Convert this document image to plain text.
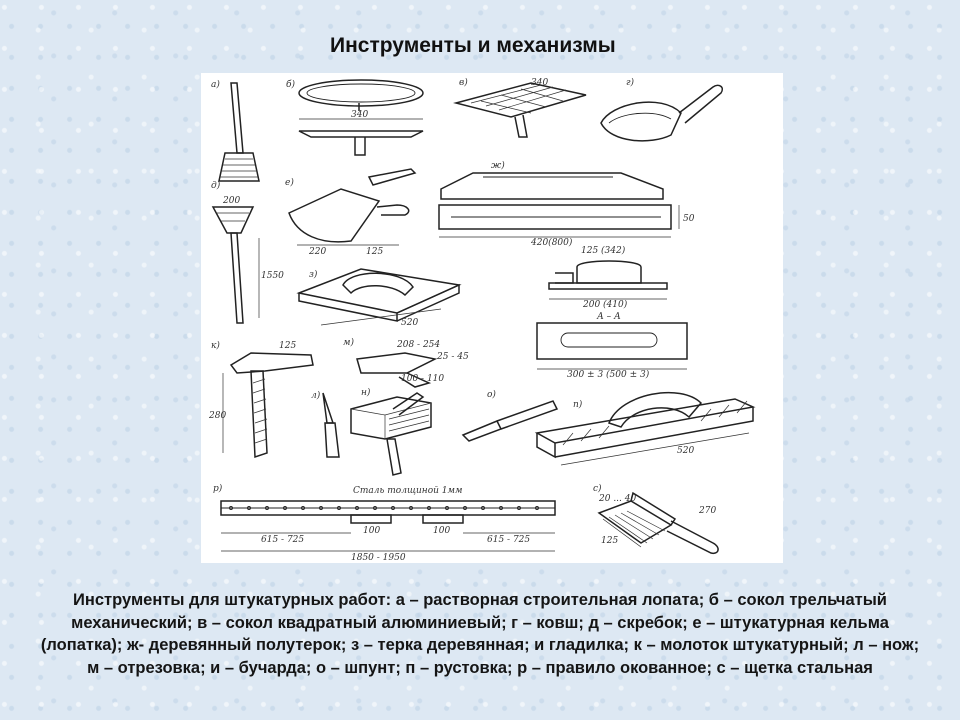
Инструменты и механизмы
а)	б)
340
в)	340	г)
е)
220	125
д)
200
1550
ж)
420(800)
50
з)
520
125 (342)
200 (410)
А – А
300 ± 3 (500 ± 3)
к)	125
280
л)
м)	208 - 254
100 - 110
25 - 45
н)	о)
п)
520
р)	Сталь толщиной 1мм
615 - 725
100	100
615 - 725
1850 - 1950
с)
20 ... 40
125
270
Инструменты для штукатурных работ: а – растворная строительная лопата; б – сокол трельчатый механический; в – сокол квадратный алюминиевый; г – ковш; д – скребок; е – штукатурная кельма (лопатка); ж- деревянный полутерок; з – терка деревянная; и гладилка; к – молоток штукатурный; л – нож; м – отрезовка; и – бучарда; о – шпунт; п – рустовка; р – правило окованное; с – щетка стальная
